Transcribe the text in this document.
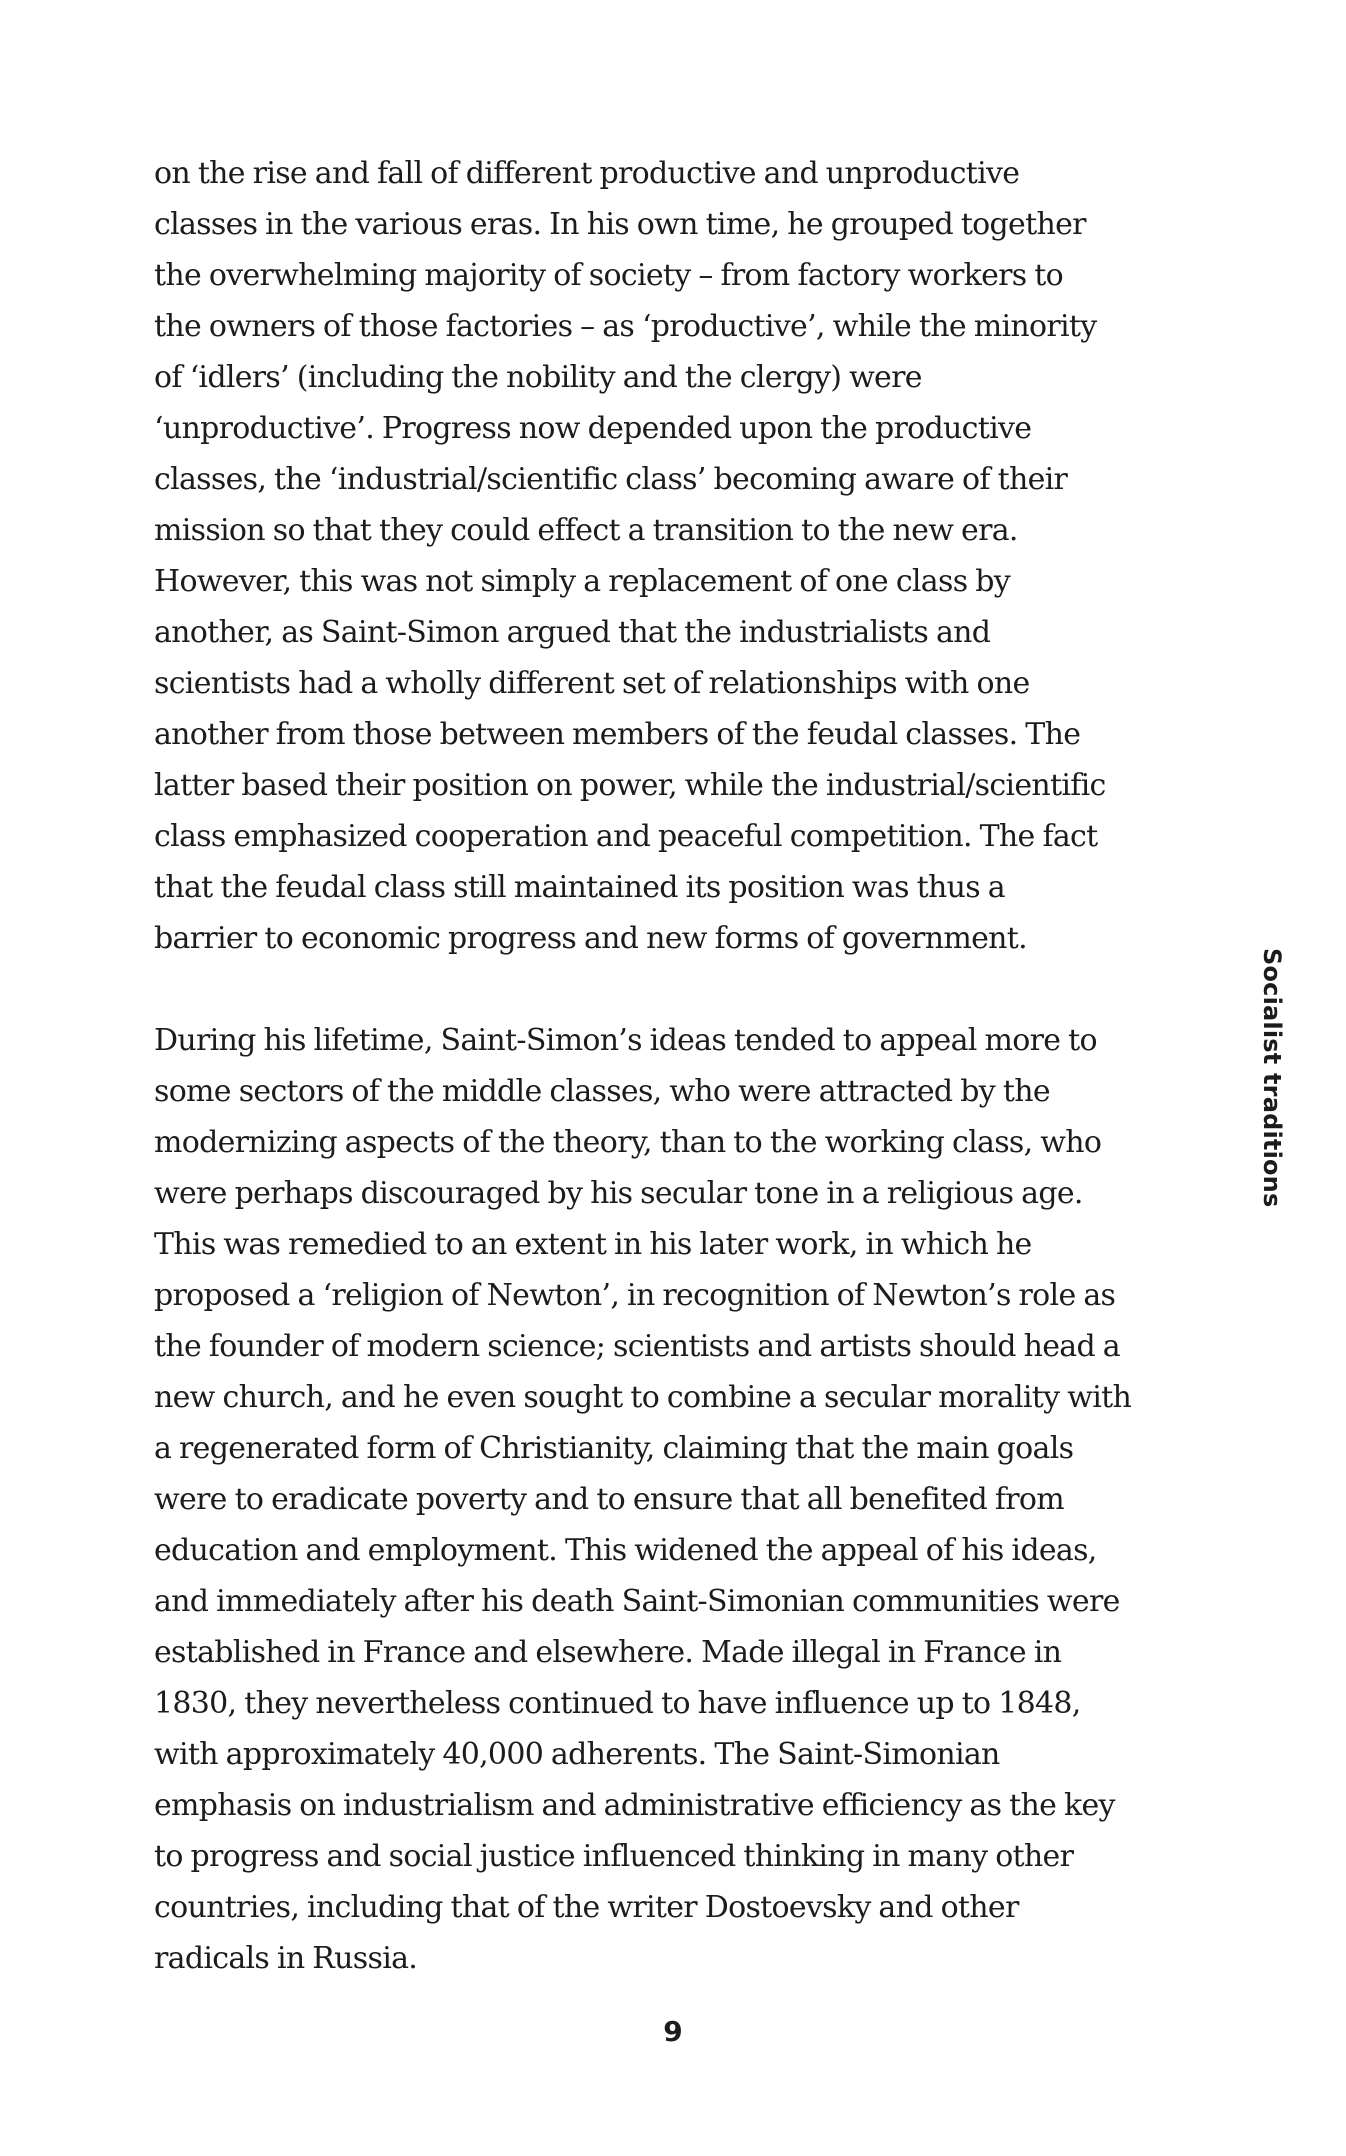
on the rise and fall of different productive and unproductive
classes in the various eras. In his own time, he grouped together
the overwhelming majority of society – from factory workers to
the owners of those factories – as ‘productive’, while the minority
of ‘idlers’ (including the nobility and the clergy) were
‘unproductive’. Progress now depended upon the productive
classes, the ‘industrial/scientific class’ becoming aware of their
mission so that they could effect a transition to the new era.
However, this was not simply a replacement of one class by
another, as Saint-Simon argued that the industrialists and
scientists had a wholly different set of relationships with one
another from those between members of the feudal classes. The
latter based their position on power, while the industrial/scientific
class emphasized cooperation and peaceful competition. The fact
that the feudal class still maintained its position was thus a
barrier to economic progress and new forms of government.
During his lifetime, Saint-Simon’s ideas tended to appeal more to
some sectors of the middle classes, who were attracted by the
modernizing aspects of the theory, than to the working class, who
were perhaps discouraged by his secular tone in a religious age.
This was remedied to an extent in his later work, in which he
proposed a ‘religion of Newton’, in recognition of Newton’s role as
the founder of modern science; scientists and artists should head a
new church, and he even sought to combine a secular morality with
a regenerated form of Christianity, claiming that the main goals
were to eradicate poverty and to ensure that all benefited from
education and employment. This widened the appeal of his ideas,
and immediately after his death Saint-Simonian communities were
established in France and elsewhere. Made illegal in France in
1830, they nevertheless continued to have influence up to 1848,
with approximately 40,000 adherents. The Saint-Simonian
emphasis on industrialism and administrative efficiency as the key
to progress and social justice influenced thinking in many other
countries, including that of the writer Dostoevsky and other
radicals in Russia.
Socialist traditions
9
